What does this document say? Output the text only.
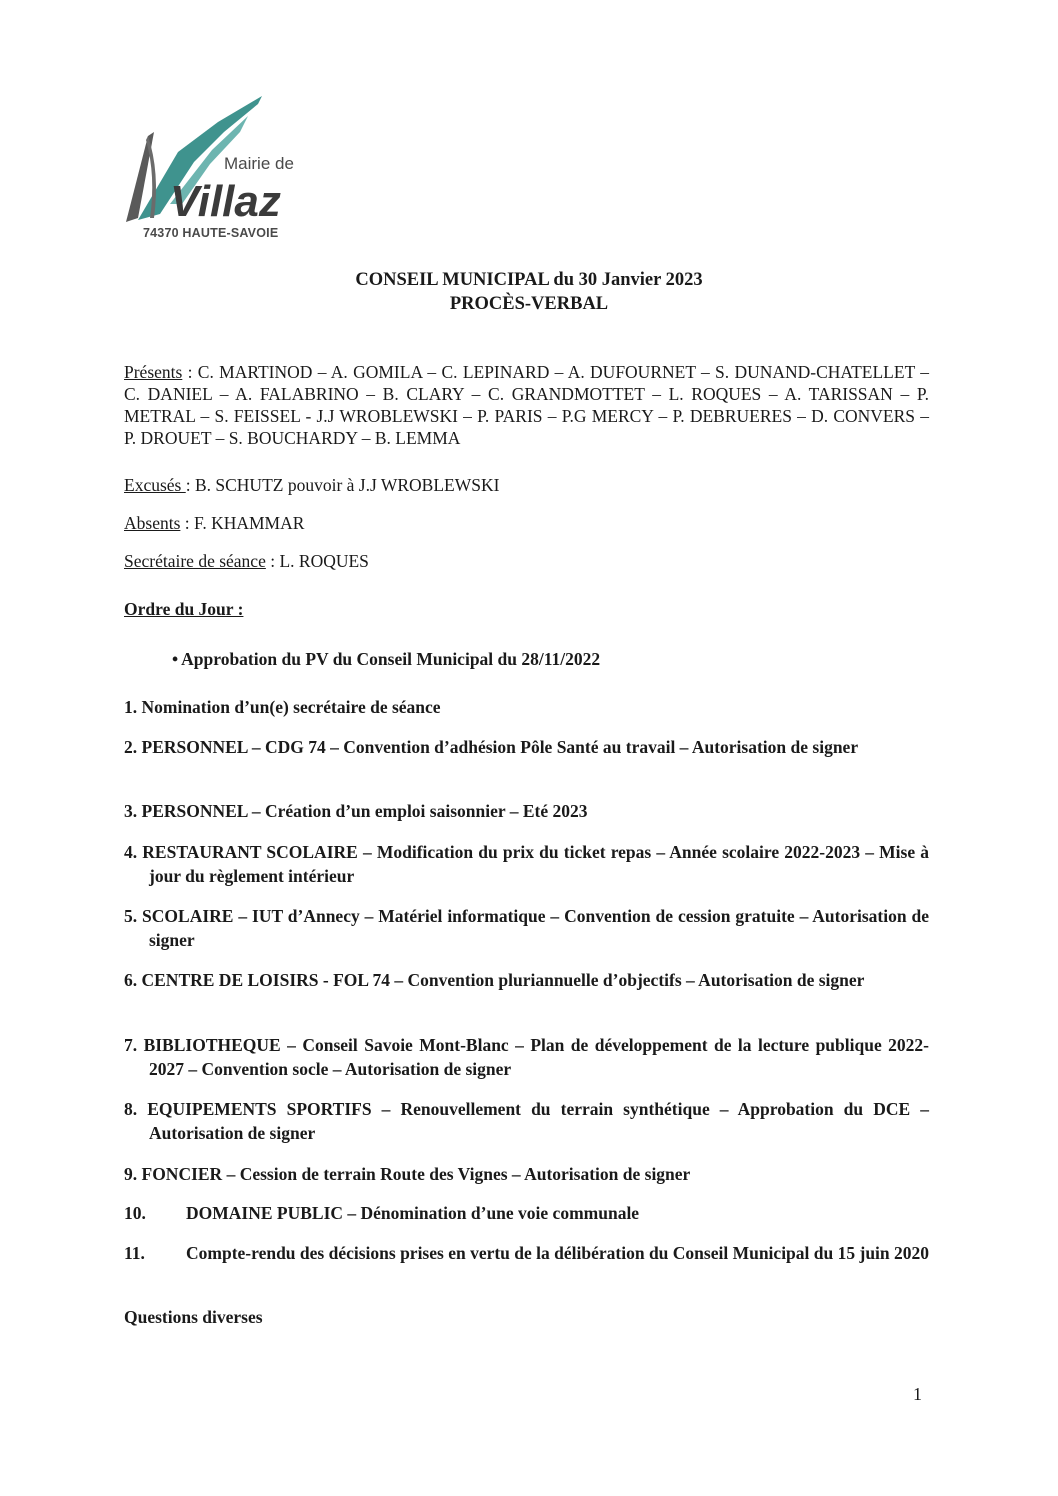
Mairie de
Villaz
74370 HAUTE-SAVOIE
CONSEIL MUNICIPAL du 30 Janvier 2023
PROCÈS-VERBAL
Présents : C. MARTINOD – A. GOMILA – C. LEPINARD – A. DUFOURNET – S. DUNAND-CHATELLET – C. DANIEL – A. FALABRINO – B. CLARY – C. GRANDMOTTET – L. ROQUES – A. TARISSAN – P. METRAL – S. FEISSEL - J.J WROBLEWSKI – P. PARIS – P.G MERCY – P. DEBRUERES – D. CONVERS – P. DROUET – S. BOUCHARDY – B. LEMMA
Excusés : B. SCHUTZ pouvoir à J.J WROBLEWSKI
Absents : F. KHAMMAR
Secrétaire de séance : L. ROQUES
Ordre du Jour :
• Approbation du PV du Conseil Municipal du 28/11/2022
1. Nomination d’un(e) secrétaire de séance
2. PERSONNEL – CDG 74 – Convention d’adhésion Pôle Santé au travail – Autorisation de signer
3. PERSONNEL – Création d’un emploi saisonnier – Eté 2023
4. RESTAURANT SCOLAIRE – Modification du prix du ticket repas – Année scolaire 2022-2023 – Mise à jour du règlement intérieur
5. SCOLAIRE – IUT d’Annecy – Matériel informatique – Convention de cession gratuite – Autorisation de signer
6. CENTRE DE LOISIRS - FOL 74 – Convention pluriannuelle d’objectifs – Autorisation de signer
7. BIBLIOTHEQUE – Conseil Savoie Mont-Blanc – Plan de développement de la lecture publique 2022-2027 – Convention socle – Autorisation de signer
8. EQUIPEMENTS SPORTIFS – Renouvellement du terrain synthétique – Approbation du DCE – Autorisation de signer
9. FONCIER – Cession de terrain Route des Vignes – Autorisation de signer
10. DOMAINE PUBLIC – Dénomination d’une voie communale
11. Compte-rendu des décisions prises en vertu de la délibération du Conseil Municipal du 15 juin 2020
Questions diverses
1
